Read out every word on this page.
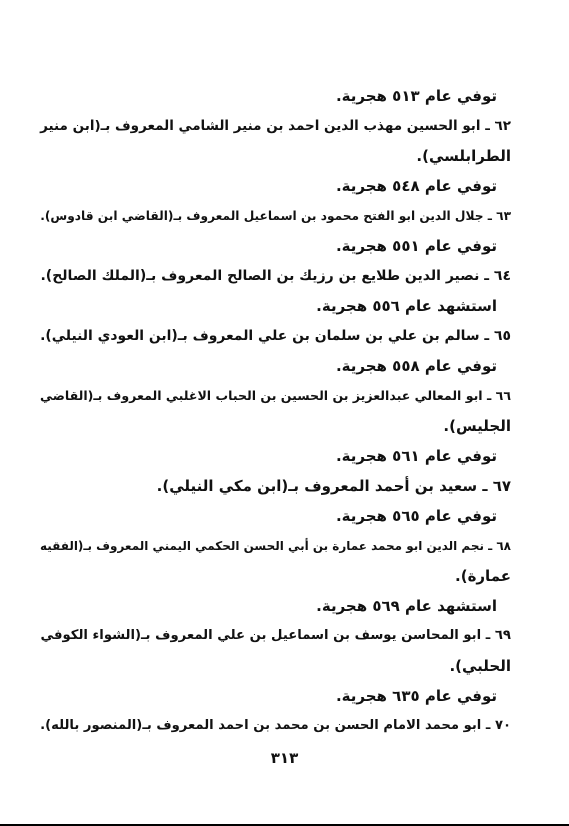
توفي عام ٥١٣ هجرية.
٦٢ ـ ابو الحسين مهذب الدين احمد بن منير الشامي المعروف بـ(ابن منير
الطرابلسي).
توفي عام ٥٤٨ هجرية.
٦٣ ـ جلال الدين ابو الفتح محمود بن اسماعيل المعروف بـ(القاضي ابن قادوس).
توفي عام ٥٥١ هجرية.
٦٤ ـ نصير الدين طلايع بن رزيك بن الصالح المعروف بـ(الملك الصالح).
استشهد عام ٥٥٦ هجرية.
٦٥ ـ سالم بن علي بن سلمان بن علي المعروف بـ(ابن العودي النيلي).
توفي عام ٥٥٨ هجرية.
٦٦ ـ ابو المعالي عبدالعزيز بن الحسين بن الحباب الاغلبي المعروف بـ(القاضي
الجليس).
توفي عام ٥٦١ هجرية.
٦٧ ـ سعيد بن أحمد المعروف بـ(ابن مكي النيلي).
توفي عام ٥٦٥ هجرية.
٦٨ ـ نجم الدين ابو محمد عمارة بن أبي الحسن الحكمي اليمني المعروف بـ(الفقيه
عمارة).
استشهد عام ٥٦٩ هجرية.
٦٩ ـ ابو المحاسن يوسف بن اسماعيل بن علي المعروف بـ(الشواء الكوفي
الحلبي).
توفي عام ٦٣٥ هجرية.
٧٠ ـ ابو محمد الامام الحسن بن محمد بن احمد المعروف بـ(المنصور بالله).
٣١٣
